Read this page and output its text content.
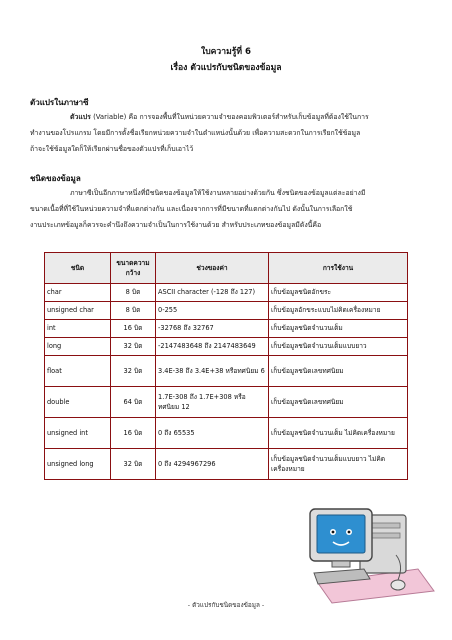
ใบความรู้ที่ 6
เรื่อง ตัวแปรกับชนิดของข้อมูล
ตัวแปรในภาษาซี
ตัวแปร (Variable) คือ การจองพื้นที่ในหน่วยความจำของคอมพิวเตอร์สำหรับเก็บข้อมูลที่ต้องใช้ในการ
ทำงานของโปรแกรม โดยมีการตั้งชื่อเรียกหน่วยความจำในตำแหน่งนั้นด้วย เพื่อความสะดวกในการเรียกใช้ข้อมูล
ถ้าจะใช้ข้อมูลใดก็ให้เรียกผ่านชื่อของตัวแปรที่เก็บเอาไว้
ชนิดของข้อมูล
ภาษาซีเป็นอีกภาษาหนึ่งที่มีชนิดของข้อมูลให้ใช้งานหลายอย่างด้วยกัน ซึ่งชนิดของข้อมูลแต่ละอย่างมี
ขนาดเนื้อที่ที่ใช้ในหน่วยความจำที่แตกต่างกัน และเนื่องจากการที่มีขนาดที่แตกต่างกันไป ดังนั้นในการเลือกใช้
งานประเภทข้อมูลก็ควรจะคำนึงถึงความจำเป็นในการใช้งานด้วย สำหรับประเภทของข้อมูลมีดังนี้คือ
ชนิด	ขนาดความกว้าง	ช่วงของค่า	การใช้งาน
char	8 บิต	ASCII character (-128 ถึง 127)	เก็บข้อมูลชนิดอักขระ
unsigned char	8 บิต	0-255	เก็บข้อมูลอักขระแบบไม่คิดเครื่องหมาย
int	16 บิต	-32768 ถึง 32767	เก็บข้อมูลชนิดจำนวนเต็ม
long	32 บิต	-2147483648 ถึง 2147483649	เก็บข้อมูลชนิดจำนวนเต็มแบบยาว
float	32 บิต	3.4E-38 ถึง 3.4E+38 หรือทศนิยม 6	เก็บข้อมูลชนิดเลขทศนิยม
double	64 บิต	1.7E-308 ถึง 1.7E+308 หรือทศนิยม 12	เก็บข้อมูลชนิดเลขทศนิยม
unsigned int	16 บิต	0 ถึง 65535	เก็บข้อมูลชนิดจำนวนเต็ม ไม่คิดเครื่องหมาย
unsigned long	32 บิต	0 ถึง 4294967296	เก็บข้อมูลชนิดจำนวนเต็มแบบยาว ไม่คิดเครื่องหมาย
- ตัวแปรกับชนิดของข้อมูล -
